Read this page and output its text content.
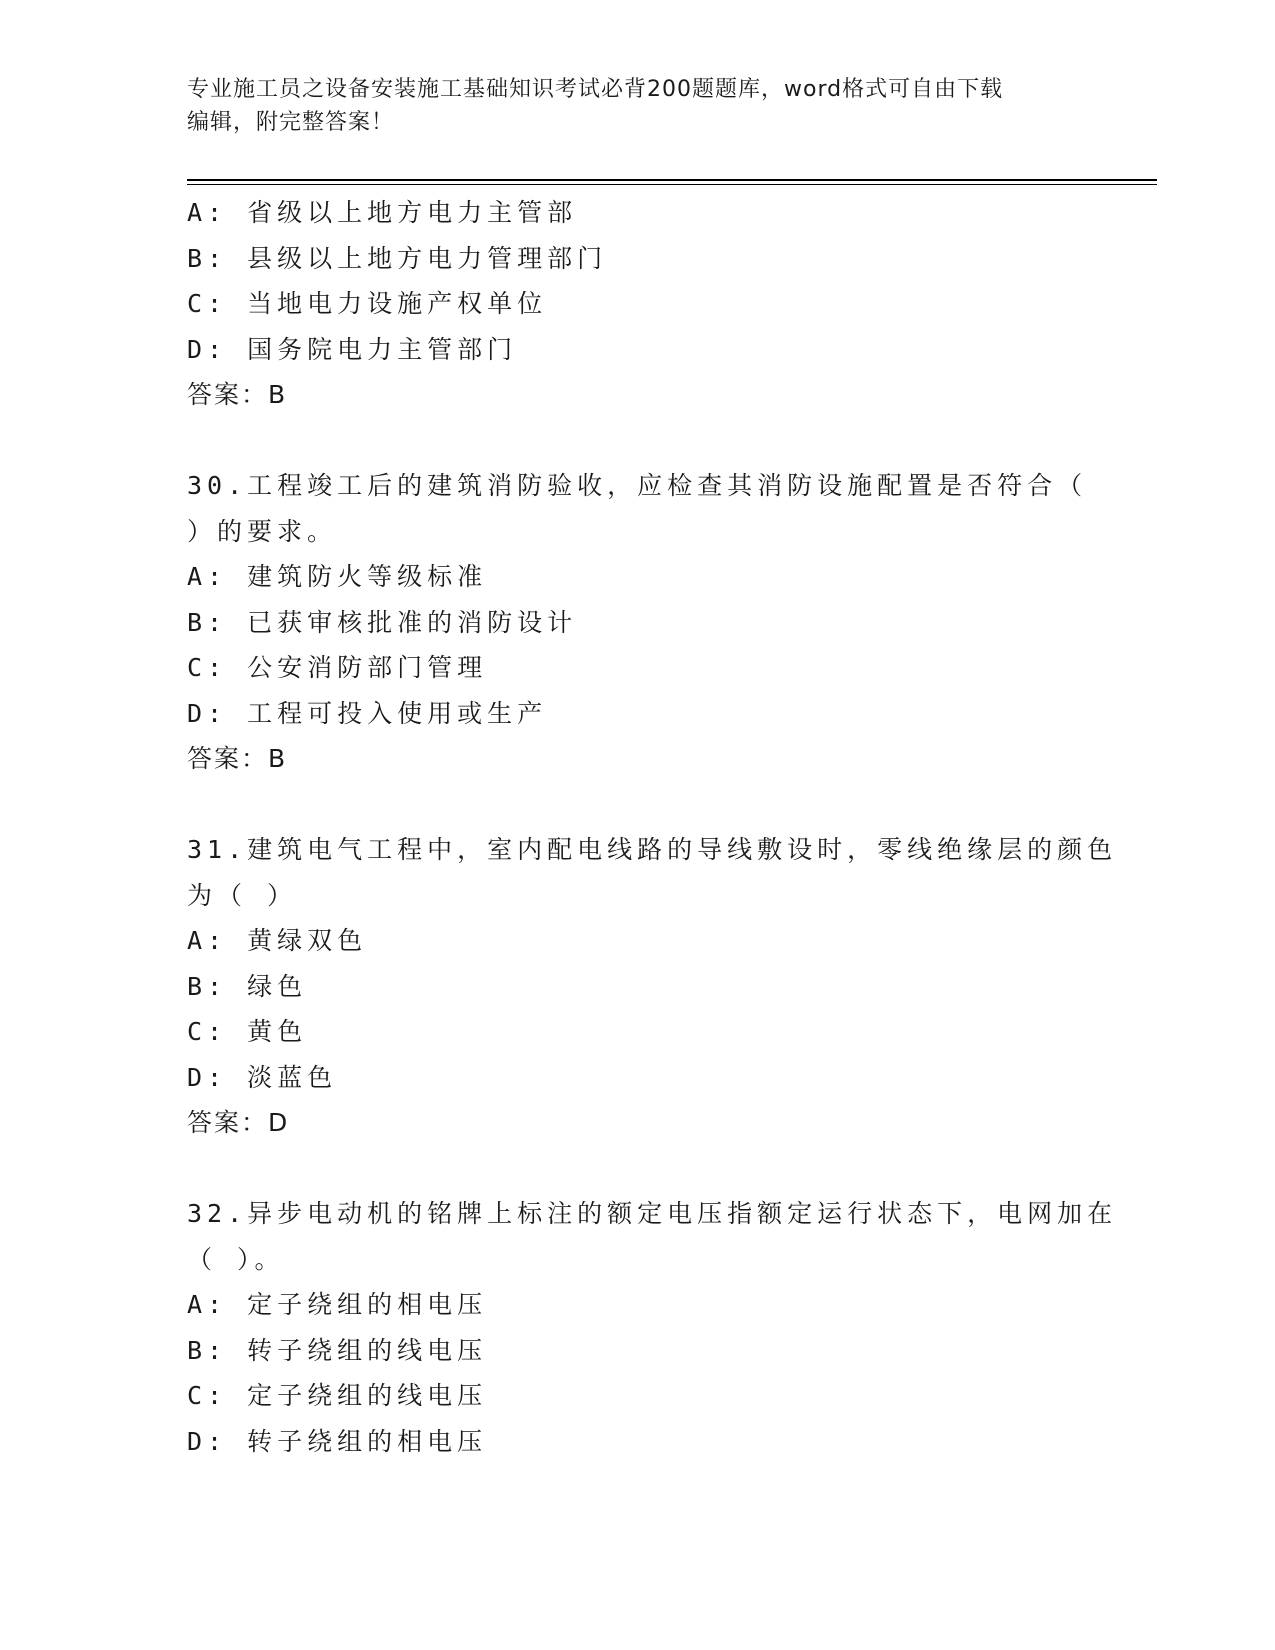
专业施工员之设备安装施工基础知识考试必背200题题库，word格式可自由下载
编辑，附完整答案！
A: 省级以上地方电力主管部
B: 县级以上地方电力管理部门
C: 当地电力设施产权单位
D: 国务院电力主管部门
答案：B
30.工程竣工后的建筑消防验收，应检查其消防设施配置是否符合（
）的要求。
A: 建筑防火等级标准
B: 已获审核批准的消防设计
C: 公安消防部门管理
D: 工程可投入使用或生产
答案：B
31.建筑电气工程中，室内配电线路的导线敷设时，零线绝缘层的颜色
为（ ）
A: 黄绿双色
B: 绿色
C: 黄色
D: 淡蓝色
答案：D
32.异步电动机的铭牌上标注的额定电压指额定运行状态下，电网加在
（ ）。
A: 定子绕组的相电压
B: 转子绕组的线电压
C: 定子绕组的线电压
D: 转子绕组的相电压
